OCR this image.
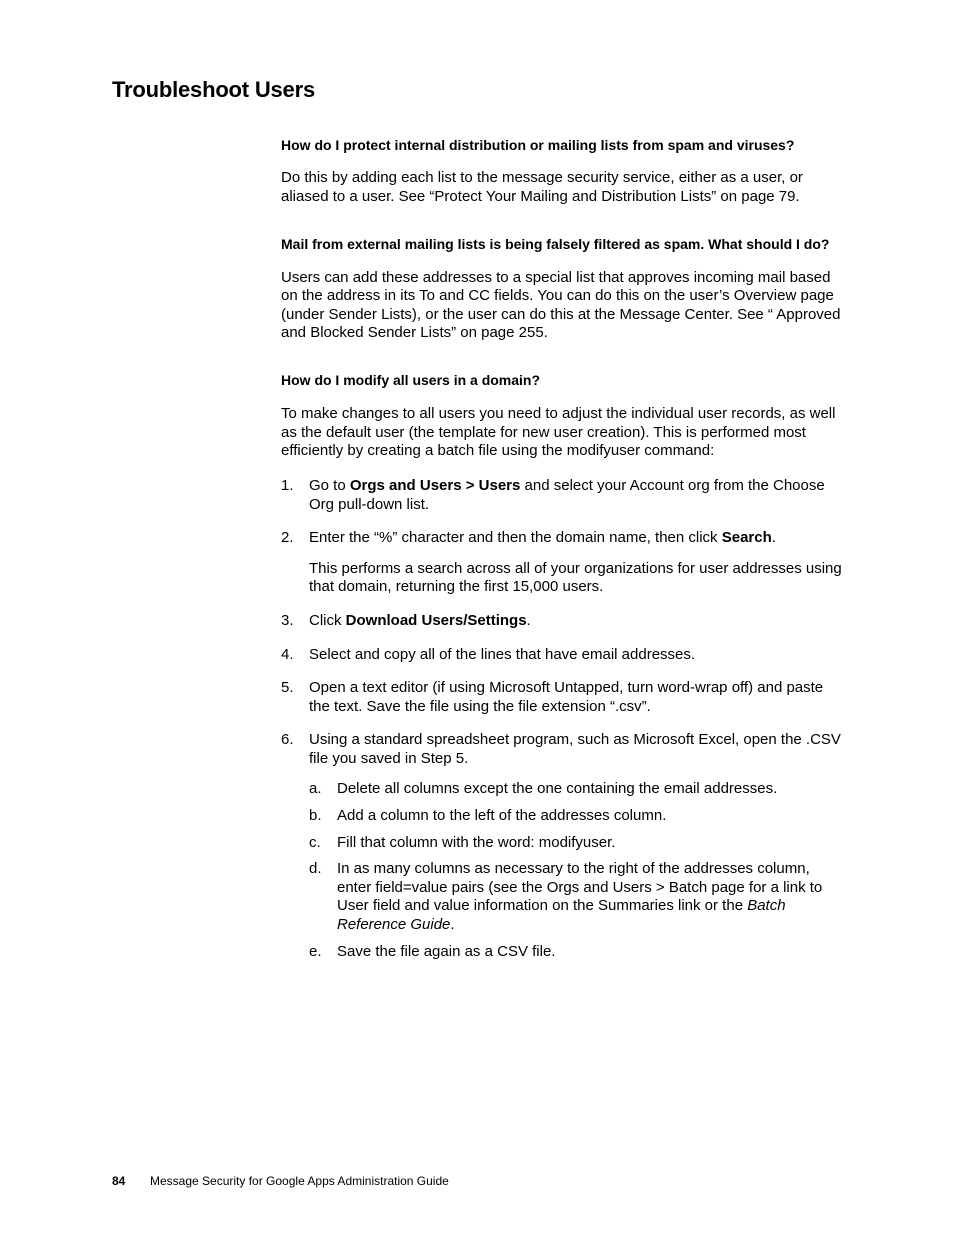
Troubleshoot Users

How do I protect internal distribution or mailing lists from spam and viruses?

Do this by adding each list to the message security service, either as a user, or aliased to a user. See “Protect Your Mailing and Distribution Lists” on page 79.

Mail from external mailing lists is being falsely filtered as spam. What should I do?

Users can add these addresses to a special list that approves incoming mail based on the address in its To and CC fields. You can do this on the user’s Overview page (under Sender Lists), or the user can do this at the Message Center. See “ Approved and Blocked Sender Lists” on page 255.

How do I modify all users in a domain?

To make changes to all users you need to adjust the individual user records, as well as the default user (the template for new user creation). This is performed most efficiently by creating a batch file using the modifyuser command:

1. Go to Orgs and Users > Users and select your Account org from the Choose Org pull-down list.
2. Enter the “%” character and then the domain name, then click Search.

This performs a search across all of your organizations for user addresses using that domain, returning the first 15,000 users.

3. Click Download Users/Settings.
4. Select and copy all of the lines that have email addresses.
5. Open a text editor (if using Microsoft Untapped, turn word-wrap off) and paste the text. Save the file using the file extension “.csv”.
6. Using a standard spreadsheet program, such as Microsoft Excel, open the .CSV file you saved in Step 5.
a. Delete all columns except the one containing the email addresses.
b. Add a column to the left of the addresses column.
c. Fill that column with the word: modifyuser.
d. In as many columns as necessary to the right of the addresses column, enter field=value pairs (see the Orgs and Users > Batch page for a link to User field and value information on the Summaries link or the Batch Reference Guide.
e. Save the file again as a CSV file.
84 Message Security for Google Apps Administration Guide
